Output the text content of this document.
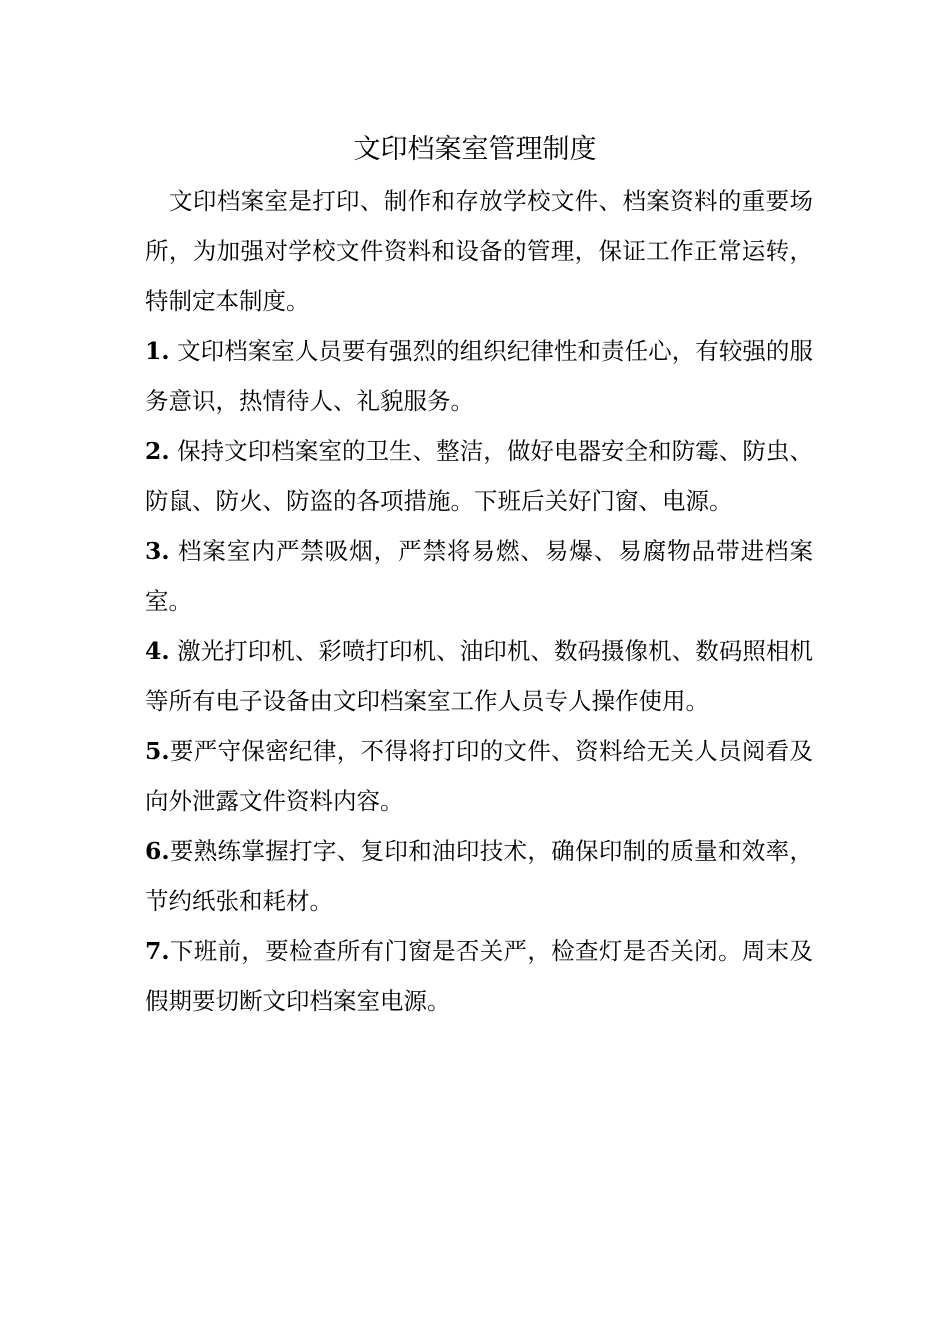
文印档案室管理制度

文印档案室是打印、制作和存放学校文件、档案资料的重要场所，为加强对学校文件资料和设备的管理，保证工作正常运转，特制定本制度。

1. 文印档案室人员要有强烈的组织纪律性和责任心，有较强的服务意识，热情待人、礼貌服务。

2. 保持文印档案室的卫生、整洁，做好电器安全和防霉、防虫、防鼠、防火、防盗的各项措施。下班后关好门窗、电源。

3. 档案室内严禁吸烟，严禁将易燃、易爆、易腐物品带进档案室。

4. 激光打印机、彩喷打印机、油印机、数码摄像机、数码照相机等所有电子设备由文印档案室工作人员专人操作使用。

5.要严守保密纪律，不得将打印的文件、资料给无关人员阅看及向外泄露文件资料内容。

6.要熟练掌握打字、复印和油印技术，确保印制的质量和效率，节约纸张和耗材。

7.下班前，要检查所有门窗是否关严，检查灯是否关闭。周末及假期要切断文印档案室电源。
